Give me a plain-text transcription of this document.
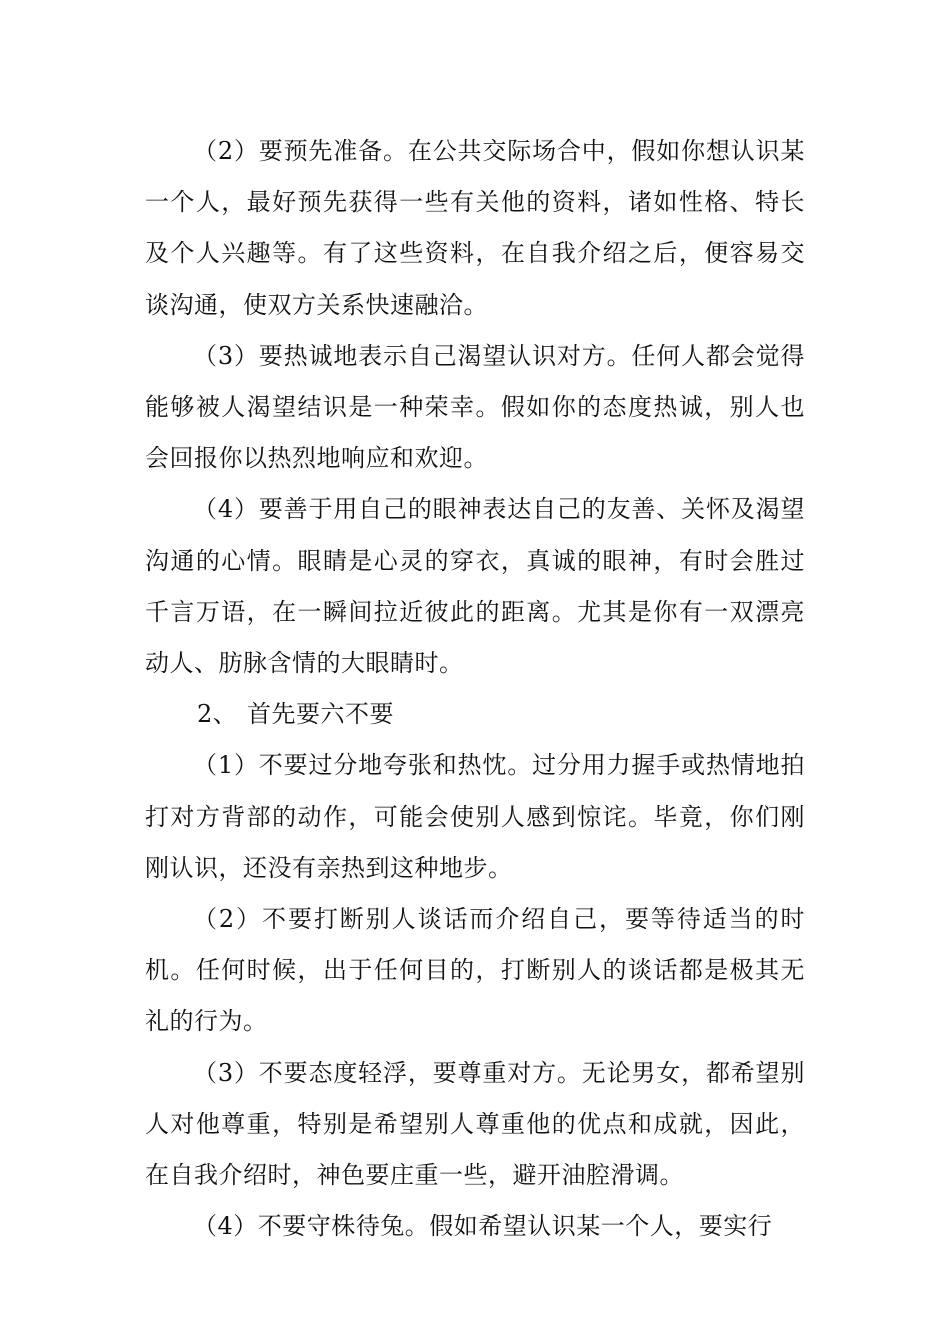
（2）要预先准备。在公共交际场合中，假如你想认识某一个人，最好预先获得一些有关他的资料，诸如性格、特长及个人兴趣等。有了这些资料，在自我介绍之后，便容易交谈沟通，使双方关系快速融洽。

（3）要热诚地表示自己渴望认识对方。任何人都会觉得能够被人渴望结识是一种荣幸。假如你的态度热诚，别人也会回报你以热烈地响应和欢迎。

（4）要善于用自己的眼神表达自己的友善、关怀及渴望沟通的心情。眼睛是心灵的穿衣，真诚的眼神，有时会胜过千言万语，在一瞬间拉近彼此的距离。尤其是你有一双漂亮动人、肪脉含情的大眼睛时。

2、 首先要六不要

（1）不要过分地夸张和热忱。过分用力握手或热情地拍打对方背部的动作，可能会使别人感到惊诧。毕竟，你们刚刚认识，还没有亲热到这种地步。

（2）不要打断别人谈话而介绍自己，要等待适当的时机。任何时候，出于任何目的，打断别人的谈话都是极其无礼的行为。

（3）不要态度轻浮，要尊重对方。无论男女，都希望别人对他尊重，特别是希望别人尊重他的优点和成就，因此，在自我介绍时，神色要庄重一些，避开油腔滑调。

（4）不要守株待兔。假如希望认识某一个人，要实行
